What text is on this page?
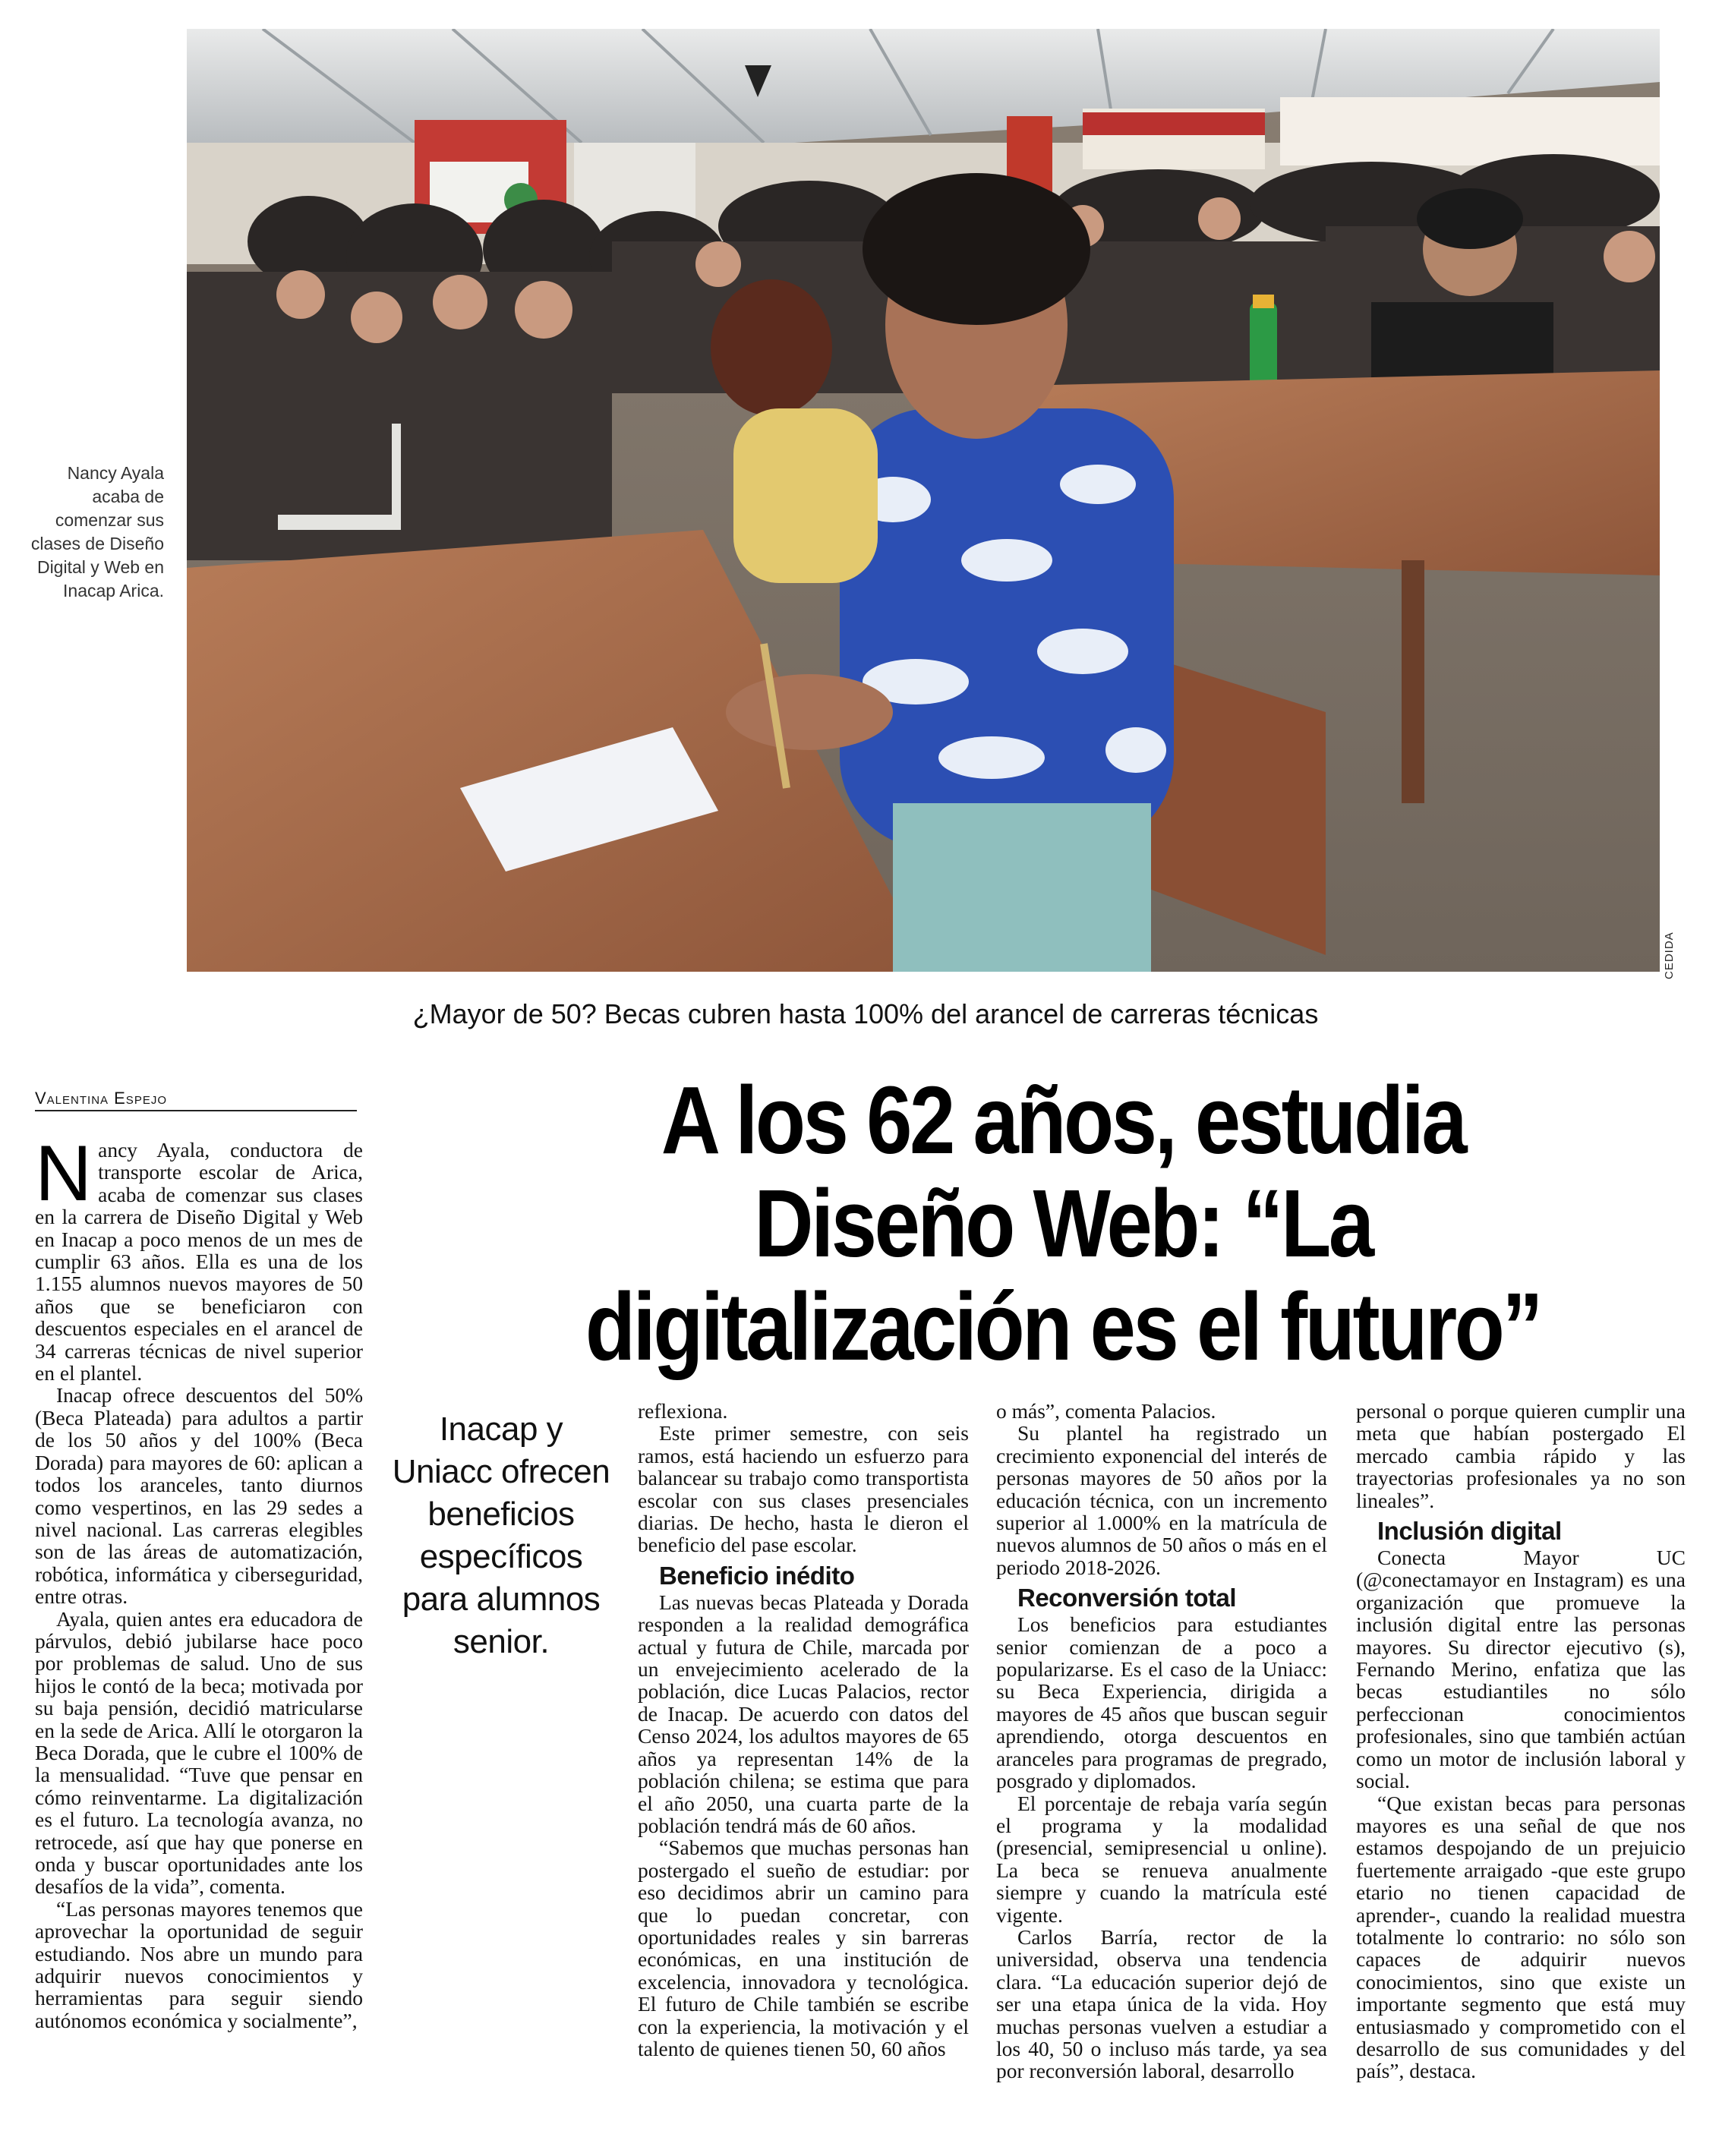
CEDIDA
Nancy Ayala acaba de comenzar sus clases de Diseño Digital y Web en Inacap Arica.
¿Mayor de 50? Becas cubren hasta 100% del arancel de carreras técnicas
Valentina Espejo	A los 62 años, estudia Diseño Web: “La digitalización es el futuro”
Inacap y Uniacc ofrecen beneficios específicos para alumnos senior.

Nancy Ayala, conductora de transporte escolar de Arica, acaba de comenzar sus clases en la carrera de Diseño Digital y Web en Inacap a poco menos de un mes de cumplir 63 años. Ella es una de los 1.155 alumnos nuevos mayores de 50 años que se beneficiaron con descuentos especiales en el arancel de 34 carreras técnicas de nivel superior en el plantel.

Inacap ofrece descuentos del 50% (Beca Plateada) para adultos a partir de los 50 años y del 100% (Beca Dorada) para mayores de 60: aplican a todos los aranceles, tanto diurnos como vespertinos, en las 29 sedes a nivel nacional. Las carreras elegibles son de las áreas de automatización, robótica, informática y ciberseguridad, entre otras.

Ayala, quien antes era educadora de párvulos, debió jubilarse hace poco por problemas de salud. Uno de sus hijos le contó de la beca; motivada por su baja pensión, decidió matricularse en la sede de Arica. Allí le otorgaron la Beca Dorada, que le cubre el 100% de la mensualidad. “Tuve que pensar en cómo reinventarme. La digitalización es el futuro. La tecnología avanza, no retrocede, así que hay que ponerse en onda y buscar oportunidades ante los desafíos de la vida”, comenta.

“Las personas mayores tenemos que aprovechar la oportunidad de seguir estudiando. Nos abre un mundo para adquirir nuevos conocimientos y herramientas para seguir siendo autónomos económica y socialmente”,

reflexiona.

Este primer semestre, con seis ramos, está haciendo un esfuerzo para balancear su trabajo como transportista escolar con sus clases presenciales diarias. De hecho, hasta le dieron el beneficio del pase escolar.

Beneficio inédito

Las nuevas becas Plateada y Dorada responden a la realidad demográfica actual y futura de Chile, marcada por un envejecimiento acelerado de la población, dice Lucas Palacios, rector de Inacap. De acuerdo con datos del Censo 2024, los adultos mayores de 65 años ya representan 14% de la población chilena; se estima que para el año 2050, una cuarta parte de la población tendrá más de 60 años.

“Sabemos que muchas personas han postergado el sueño de estudiar: por eso decidimos abrir un camino para que lo puedan concretar, con oportunidades reales y sin barreras económicas, en una institución de excelencia, innovadora y tecnológica. El futuro de Chile también se escribe con la experiencia, la motivación y el talento de quienes tienen 50, 60 años

o más”, comenta Palacios.

Su plantel ha registrado un crecimiento exponencial del interés de personas mayores de 50 años por la educación técnica, con un incremento superior al 1.000% en la matrícula de nuevos alumnos de 50 años o más en el periodo 2018-2026.

Reconversión total

Los beneficios para estudiantes senior comienzan de a poco a popularizarse. Es el caso de la Uniacc: su Beca Experiencia, dirigida a mayores de 45 años que buscan seguir aprendiendo, otorga descuentos en aranceles para programas de pregrado, posgrado y diplomados.

El porcentaje de rebaja varía según el programa y la modalidad (presencial, semipresencial u online). La beca se renueva anualmente siempre y cuando la matrícula esté vigente.

Carlos Barría, rector de la universidad, observa una tendencia clara. “La educación superior dejó de ser una etapa única de la vida. Hoy muchas personas vuelven a estudiar a los 40, 50 o incluso más tarde, ya sea por reconversión laboral, desarrollo

personal o porque quieren cumplir una meta que habían postergado El mercado cambia rápido y las trayectorias profesionales ya no son lineales”.

Inclusión digital

Conecta Mayor UC (@conectamayor en Instagram) es una organización que promueve la inclusión digital entre las personas mayores. Su director ejecutivo (s), Fernando Merino, enfatiza que las becas estudiantiles no sólo perfeccionan conocimientos profesionales, sino que también actúan como un motor de inclusión laboral y social.

“Que existan becas para personas mayores es una señal de que nos estamos despojando de un prejuicio fuertemente arraigado -que este grupo etario no tienen capacidad de aprender-, cuando la realidad muestra totalmente lo contrario: no sólo son capaces de adquirir nuevos conocimientos, sino que existe un importante segmento que está muy entusiasmado y comprometido con el desarrollo de sus comunidades y del país”, destaca.
